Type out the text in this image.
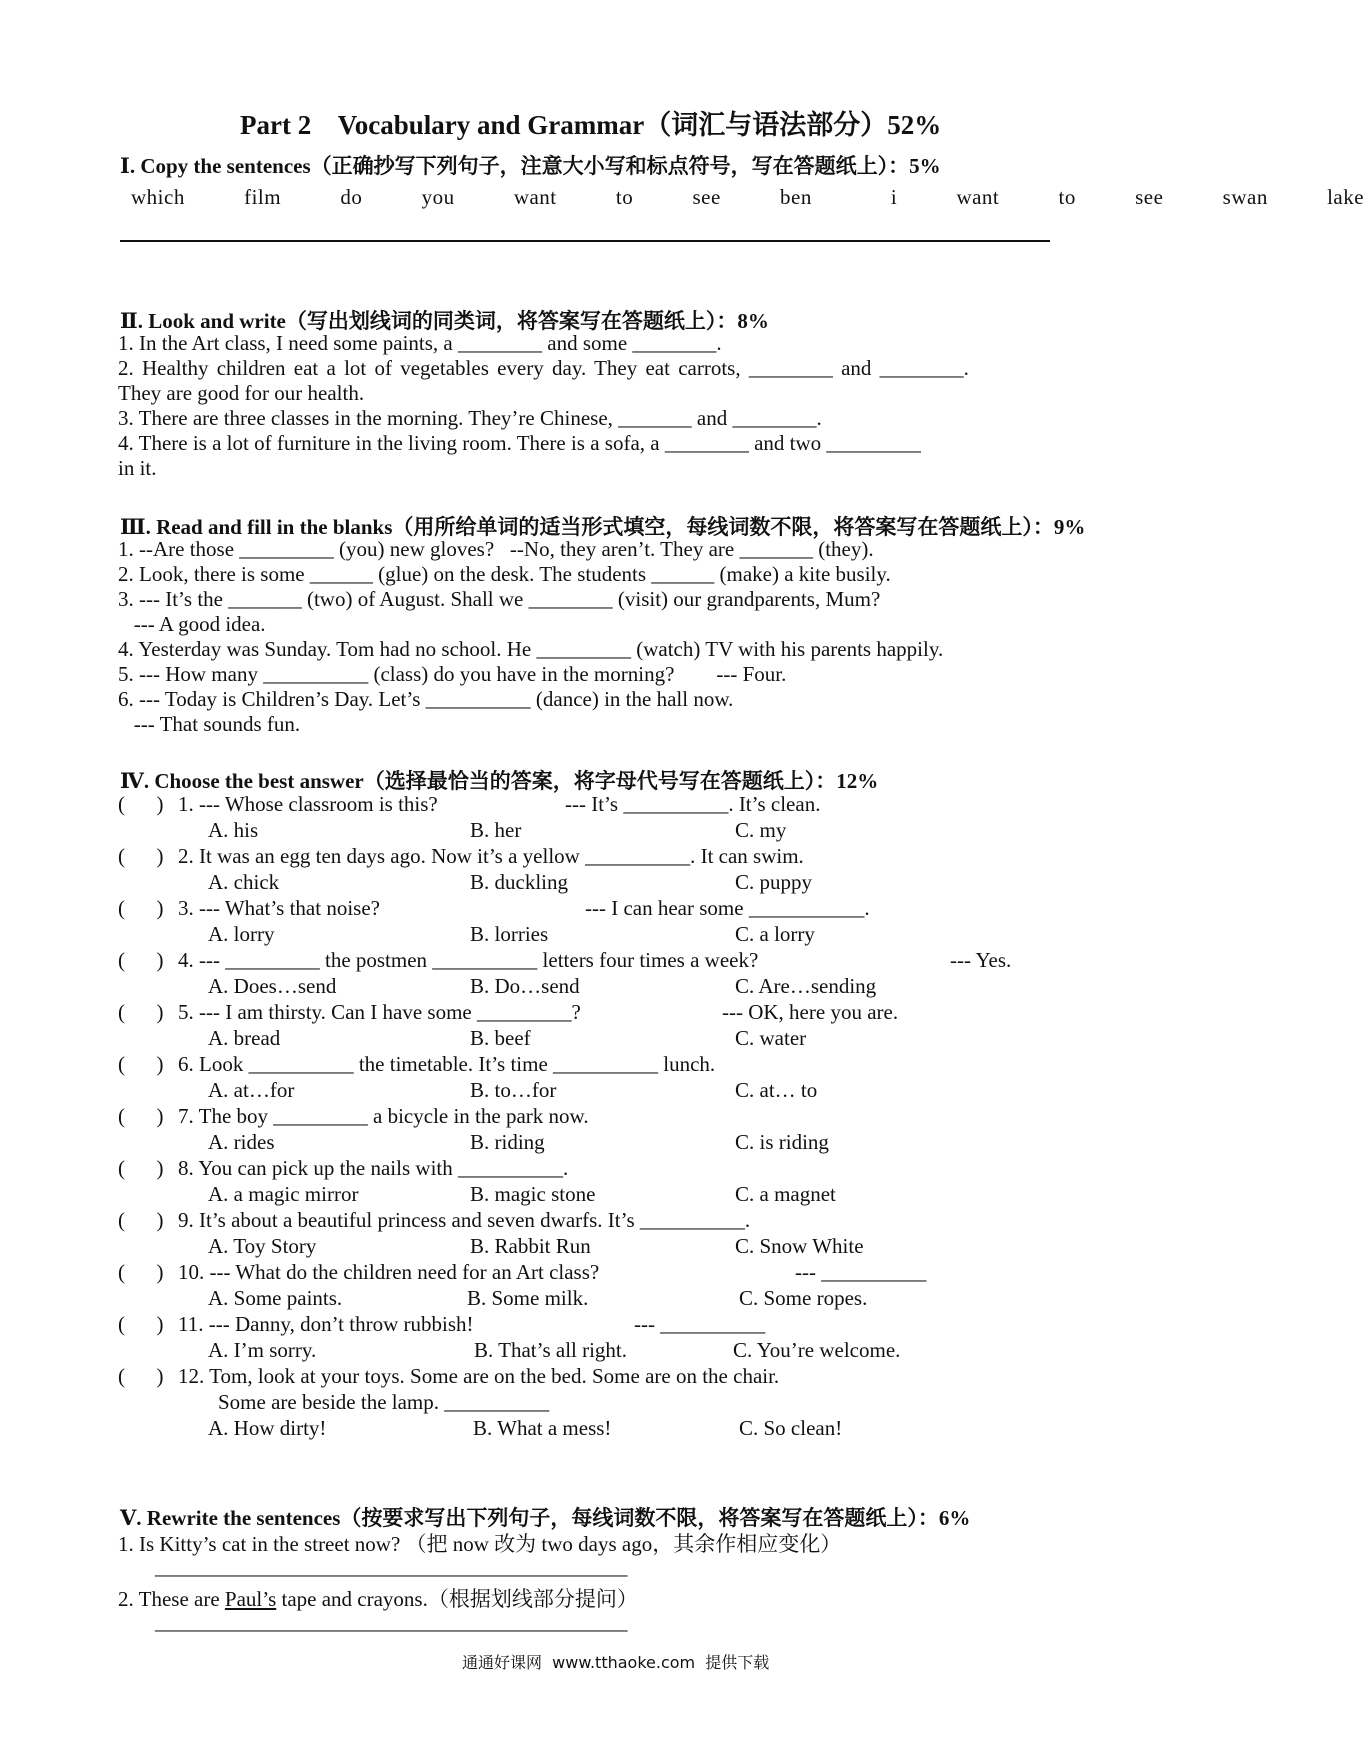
Part 2    Vocabulary and Grammar（词汇与语法部分）52%
Ⅰ. Copy the sentences（正确抄写下列句子，注意大小写和标点符号，写在答题纸上）：5%
which   film   do   you   want   to   see   ben    i   want   to   see   swan   lake
Ⅱ. Look and write（写出划线词的同类词，将答案写在答题纸上）：8%
1. In the Art class, I need some paints, a ________ and some ________.
2. Healthy children eat a lot of vegetables every day. They eat carrots, ________ and ________.
They are good for our health.
3. There are three classes in the morning. They’re Chinese, _______ and ________.
4. There is a lot of furniture in the living room. There is a sofa, a ________ and two _________
in it.
Ⅲ. Read and fill in the blanks（用所给单词的适当形式填空，每线词数不限，将答案写在答题纸上）：9%
1. --Are those _________ (you) new gloves?   --No, they aren’t. They are _______ (they).
2. Look, there is some ______ (glue) on the desk. The students ______ (make) a kite busily.
3. --- It’s the _______ (two) of August. Shall we ________ (visit) our grandparents, Mum?
--- A good idea.
4. Yesterday was Sunday. Tom had no school. He _________ (watch) TV with his parents happily.
5. --- How many __________ (class) do you have in the morning?        --- Four.
6. --- Today is Children’s Day. Let’s __________ (dance) in the hall now.
--- That sounds fun.
Ⅳ. Choose the best answer（选择最恰当的答案，将字母代号写在答题纸上）：12%
(      ) 1. --- Whose classroom is this?	--- It’s __________. It’s clean.
A. his	B. her	C. my
(      ) 2. It was an egg ten days ago. Now it’s a yellow __________. It can swim.
A. chick	B. duckling	C. puppy
(      ) 3. --- What’s that noise?	--- I can hear some ___________.
A. lorry	B. lorries	C. a lorry
(      ) 4. --- _________ the postmen __________ letters four times a week?	--- Yes.
A. Does…send	B. Do…send	C. Are…sending
(      ) 5. --- I am thirsty. Can I have some _________?	--- OK, here you are.
A. bread	B. beef	C. water
(      ) 6. Look __________ the timetable. It’s time __________ lunch.
A. at…for	B. to…for	C. at… to
(      ) 7. The boy _________ a bicycle in the park now.
A. rides	B. riding	C. is riding
(      ) 8. You can pick up the nails with __________.
A. a magic mirror	B. magic stone	C. a magnet
(      ) 9. It’s about a beautiful princess and seven dwarfs. It’s __________.
A. Toy Story	B. Rabbit Run	C. Snow White
(      ) 10. --- What do the children need for an Art class?	--- __________
A. Some paints.	B. Some milk.	C. Some ropes.
(      ) 11. --- Danny, don’t throw rubbish!	--- __________
A. I’m sorry.	B. That’s all right.	C. You’re welcome.
(      ) 12. Tom, look at your toys. Some are on the bed. Some are on the chair.
Some are beside the lamp. __________
A. How dirty!	B. What a mess!	C. So clean!
Ⅴ. Rewrite the sentences（按要求写出下列句子，每线词数不限，将答案写在答题纸上）：6%
1. Is Kitty’s cat in the street now? （把 now 改为 two days ago，其余作相应变化）
_____________________________________________
2. These are Paul’s tape and crayons.（根据划线部分提问）
_____________________________________________
通通好课网  www.tthaoke.com  提供下载
